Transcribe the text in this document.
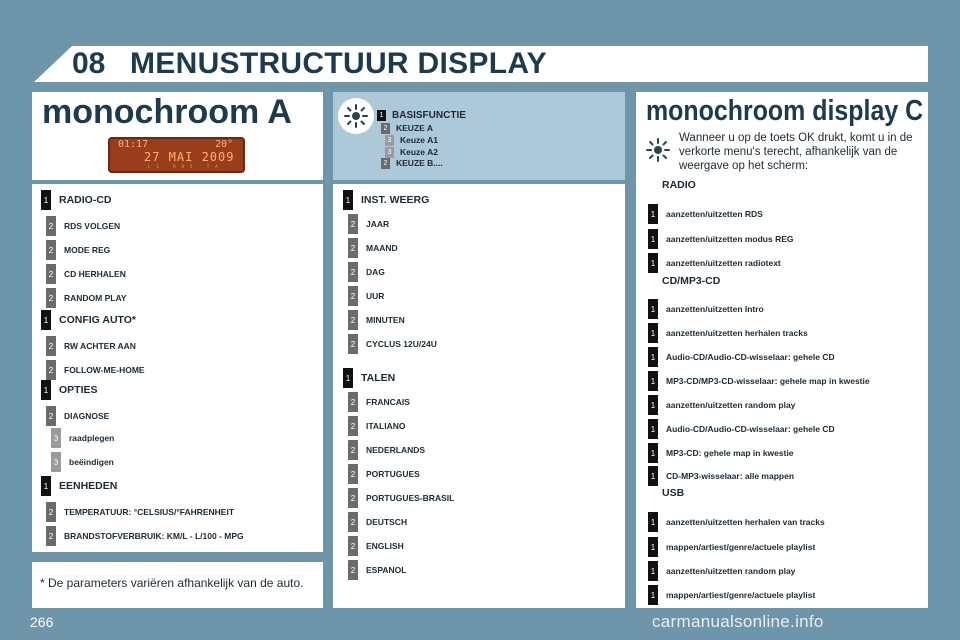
08 MENUSTRUCTUUR DISPLAY
monochroom A
01:17	20°
27 MAI 2009
LS RDS TA
1 RADIO-CD
2	RDS VOLGEN
2	MODE REG
2	CD HERHALEN
2	RANDOM PLAY
1 CONFIG AUTO*
2	RW ACHTER AAN
2	FOLLOW-ME-HOME
1 OPTIES
2	DIAGNOSE
3	raadplegen
3	beëindigen
1 EENHEDEN
2	TEMPERATUUR: °CELSIUS/°FAHRENHEIT
2	BRANDSTOFVERBRUIK: KM/L - L/100 - MPG
* De parameters variëren afhankelijk van de auto.
1 BASISFUNCTIE
2 KEUZE A
3 Keuze A1
3 Keuze A2
2 KEUZE B....
1 INST. WEERG
2	JAAR
2	MAAND
2	DAG
2	UUR
2	MINUTEN
2	CYCLUS 12U/24U
1 TALEN
2	FRANCAIS
2	ITALIANO
2	NEDERLANDS
2	PORTUGUES
2	PORTUGUES-BRASIL
2	DEUTSCH
2	ENGLISH
2	ESPANOL
monochroom display C
Wanneer u op de toets OK drukt, komt u in de verkorte menu's terecht, afhankelijk van de weergave op het scherm:
RADIO
CD/MP3-CD
USB
1	aanzetten/uitzetten RDS
1	aanzetten/uitzetten modus REG
1	aanzetten/uitzetten radiotext
1	aanzetten/uitzetten Intro
1	aanzetten/uitzetten herhalen tracks
1	Audio-CD/Audio-CD-wisselaar: gehele CD
1	MP3-CD/MP3-CD-wisselaar: gehele map in kwestie
1	aanzetten/uitzetten random play
1	Audio-CD/Audio-CD-wisselaar: gehele CD
1	MP3-CD: gehele map in kwestie
1	CD-MP3-wisselaar: alle mappen
1	aanzetten/uitzetten herhalen van tracks
1	mappen/artiest/genre/actuele playlist
1	aanzetten/uitzetten random play
1	mappen/artiest/genre/actuele playlist
266	carmanualsonline.info
